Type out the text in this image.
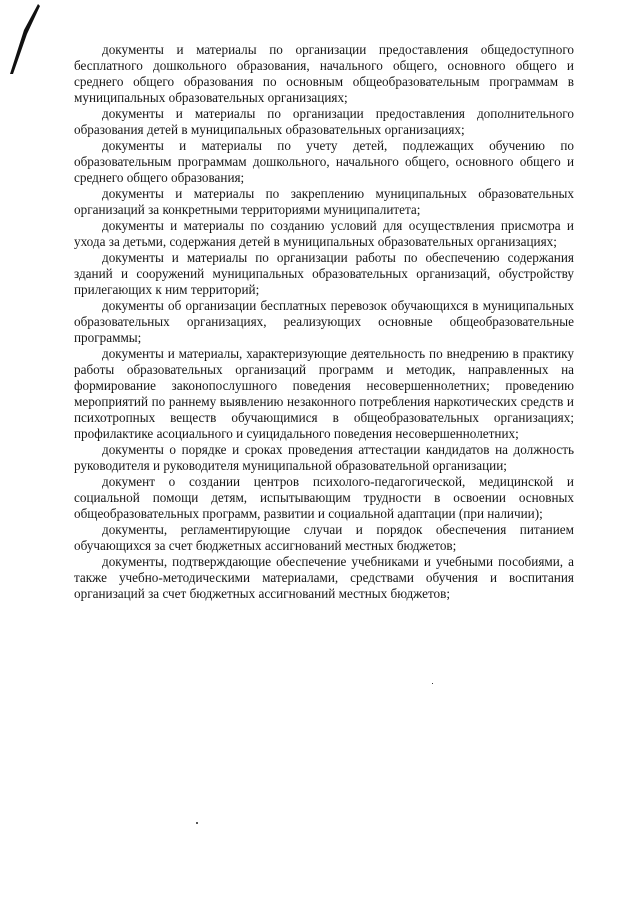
документы и материалы по организации предоставления общедоступного бесплатного дошкольного образования, начального общего, основного общего и среднего общего образования по основным общеобразовательным программам в муниципальных образовательных организациях;

документы и материалы по организации предоставления дополнительного образования детей в муниципальных образовательных организациях;

документы и материалы по учету детей, подлежащих обучению по образовательным программам дошкольного, начального общего, основного общего и среднего общего образования;

документы и материалы по закреплению муниципальных образовательных организаций за конкретными территориями муниципалитета;

документы и материалы по созданию условий для осуществления присмотра и ухода за детьми, содержания детей в муниципальных образовательных организациях;

документы и материалы по организации работы по обеспечению содержания зданий и сооружений муниципальных образовательных организаций, обустройству прилегающих к ним территорий;

документы об организации бесплатных перевозок обучающихся в муниципальных образовательных организациях, реализующих основные общеобразовательные программы;

документы и материалы, характеризующие деятельность по внедрению в практику работы образовательных организаций программ и методик, направленных на формирование законопослушного поведения несовершеннолетних; проведению мероприятий по раннему выявлению незаконного потребления наркотических средств и психотропных веществ обучающимися в общеобразовательных организациях; профилактике асоциального и суицидального поведения несовершеннолетних;

документы о порядке и сроках проведения аттестации кандидатов на должность руководителя и руководителя муниципальной образовательной организации;

документ о создании центров психолого-педагогической, медицинской и социальной помощи детям, испытывающим трудности в освоении основных общеобразовательных программ, развитии и социальной адаптации (при наличии);

документы, регламентирующие случаи и порядок обеспечения питанием обучающихся за счет бюджетных ассигнований местных бюджетов;

документы, подтверждающие обеспечение учебниками и учебными пособиями, а также учебно-методическими материалами, средствами обучения и воспитания организаций за счет бюджетных ассигнований местных бюджетов;
